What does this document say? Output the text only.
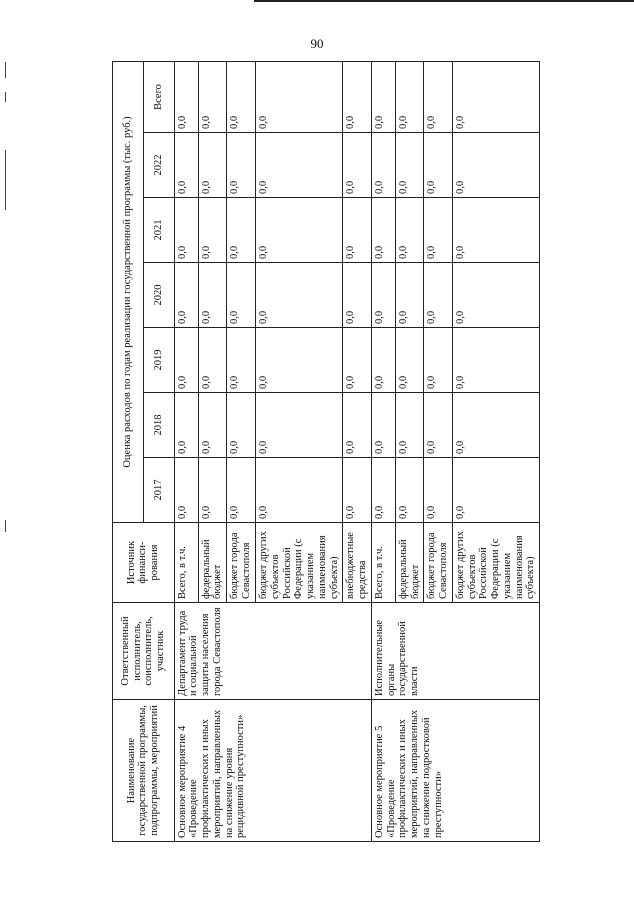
90
Наименование государственной программы, подпрограммы, мероприятий	Ответственный исполнитель, соисполнитель, участник	Источник финанси-рования	Оценка расходов по годам реализации государственной программы (тыс. руб.)						
			2017	2018	2019	2020	2021	2022	Всего
Основное мероприятие 4 «Проведение профилактических и иных мероприятий, направленных на снижение уровня рецидивной преступности»	Департамент труда и социальной защиты населения города Севастополя	Всего, в т.ч.	0,0	0,0	0,0	0,0	0,0	0,0	0,0
		федеральный бюджет	0,0	0,0	0,0	0,0	0,0	0,0	0,0
		бюджет города Севастополя	0,0	0,0	0,0	0,0	0,0	0,0	0,0
		бюджет других субъектов Российской Федерации (с указанием наименования субъекта)	0,0	0,0	0,0	0,0	0,0	0,0	0,0
		внебюджетные средства	0,0	0,0	0,0	0,0	0,0	0,0	0,0
Основное мероприятие 5 «Проведение профилактических и иных мероприятий, направленных на снижение подростковой преступности»	Исполнительные органы государственной власти	Всего, в т.ч.	0,0	0,0	0,0	0,0	0,0	0,0	0,0
		федеральный бюджет	0,0	0,0	0,0	0,0	0,0	0,0	0,0
		бюджет города Севастополя	0,0	0,0	0,0	0,0	0,0	0,0	0,0
		бюджет других субъектов Российской Федерации (с указанием наименования субъекта)	0,0	0,0	0,0	0,0	0,0	0,0	0,0
